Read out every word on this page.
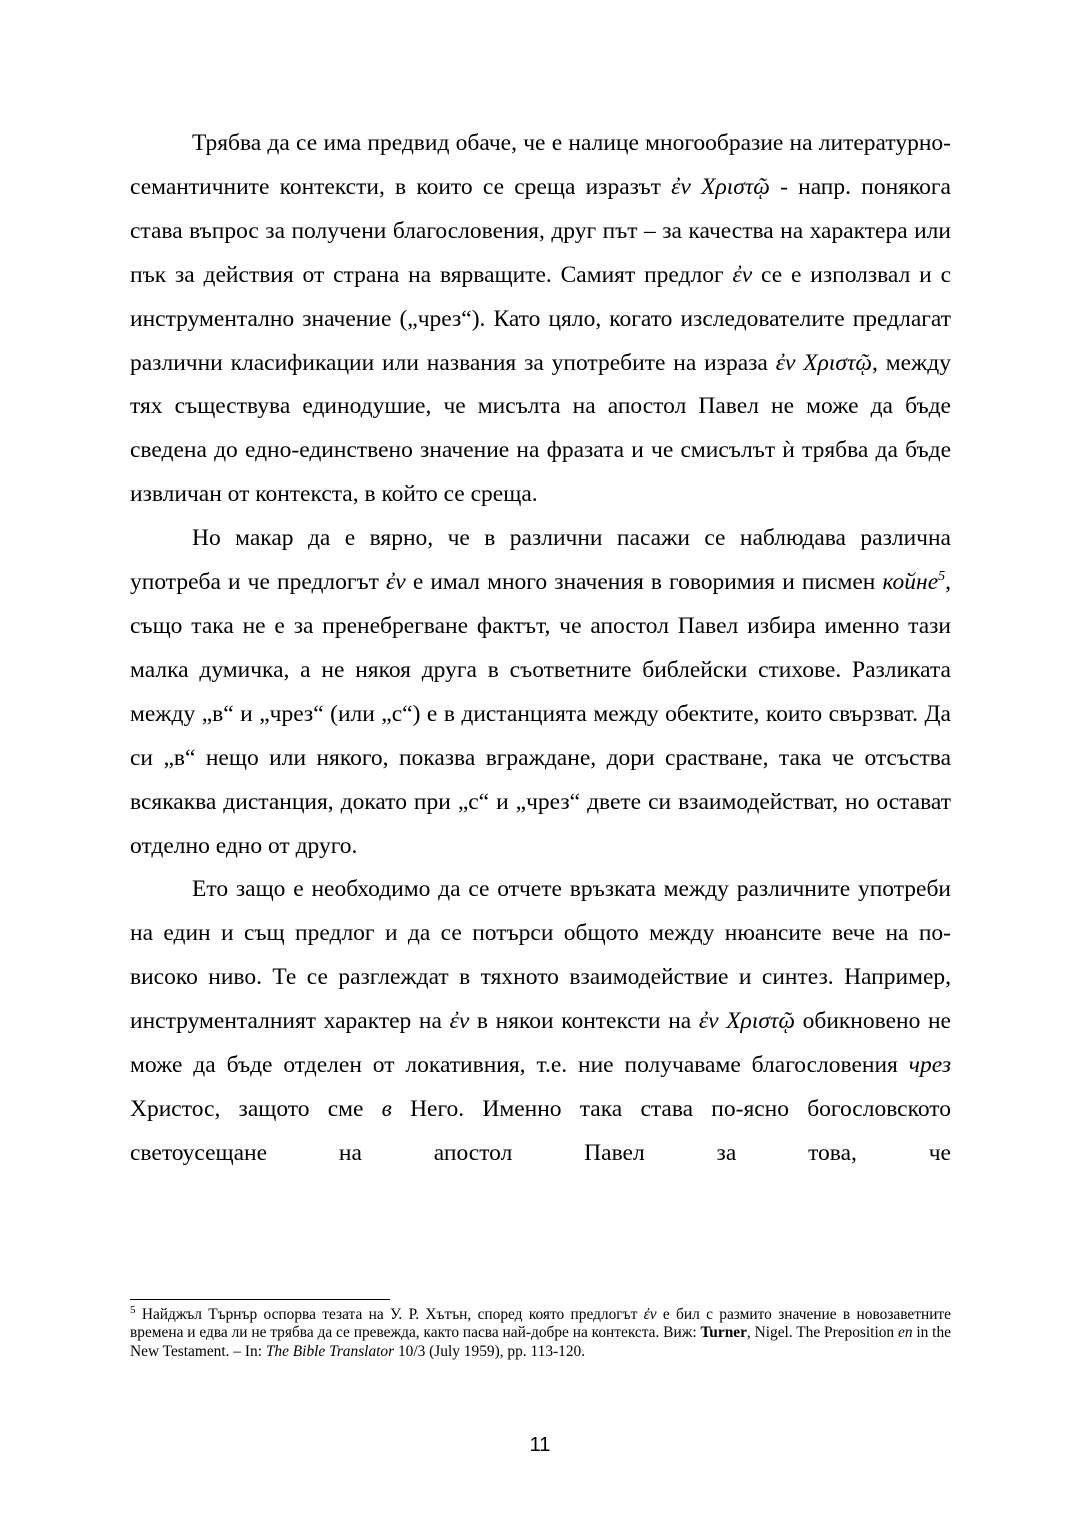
Трябва да се има предвид обаче, че е налице многообразие на литературно-семантичните контексти, в които се среща изразът ἐν Χριστῷ - напр. понякога става въпрос за получени благословения, друг път – за качества на характера или пък за действия от страна на вярващите. Самият предлог ἐν се е използвал и с инструментално значение („чрез“). Като цяло, когато изследователите предлагат различни класификации или названия за употребите на израза ἐν Χριστῷ, между тях съществува единодушие, че мисълта на апостол Павел не може да бъде сведена до едно-единствено значение на фразата и че смисълът ѝ трябва да бъде извличан от контекста, в който се среща.

Но макар да е вярно, че в различни пасажи се наблюдава различна употреба и че предлогът ἐν е имал много значения в говоримия и писмен койне$^5$, също така не е за пренебрегване фактът, че апостол Павел избира именно тази малка думичка, а не някоя друга в съответните библейски стихове. Разликата между „в“ и „чрез“ (или „с“) е в дистанцията между обектите, които свързват. Да си „в“ нещо или някого, показва вграждане, дори срастване, така че отсъства всякаква дистанция, докато при „с“ и „чрез“ двете си взаимодействат, но остават отделно едно от друго.

Ето защо е необходимо да се отчете връзката между различните употреби на един и същ предлог и да се потърси общото между нюансите вече на по-високо ниво. Те се разглеждат в тяхното взаимодействие и синтез. Например, инструменталният характер на ἐν в някои контексти на ἐν Χριστῷ обикновено не може да бъде отделен от локативния, т.е. ние получаваме благословения чрез Христос, защото сме в Него. Именно така става по-ясно богословското светоусещане на апостол Павел за това, че

$^5$ Найджъл Търнър оспорва тезата на У. Р. Хътън, според която предлогът ἐν е бил с размито значение в новозаветните времена и едва ли не трябва да се превежда, както пасва най-добре на контекста. Виж: Turner, Nigel. The Preposition en in the New Testament. – In: The Bible Translator 10/3 (July 1959), pp. 113-120.
11
